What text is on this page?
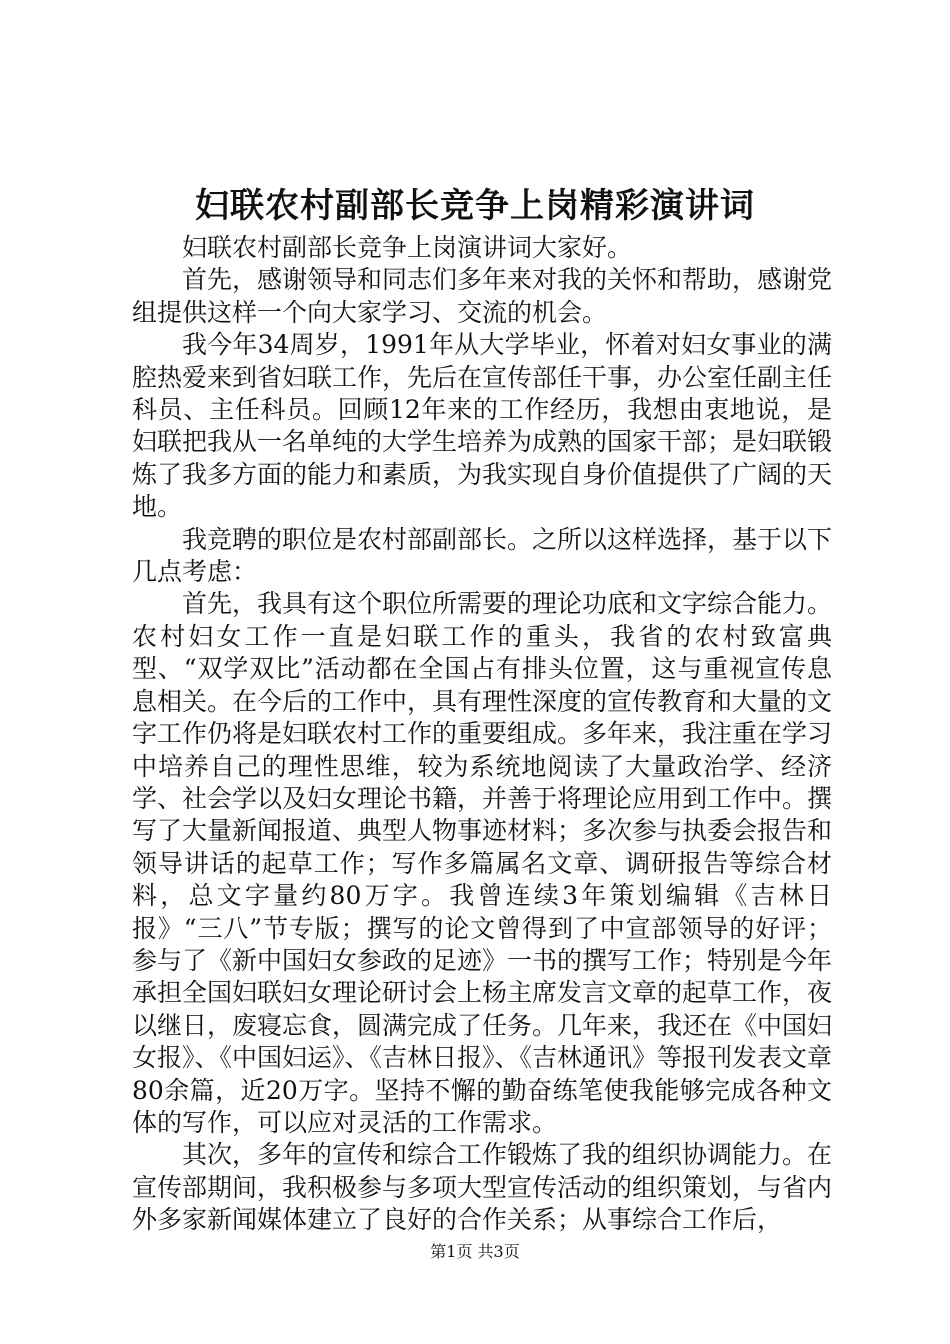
妇联农村副部长竞争上岗精彩演讲词

妇联农村副部长竞争上岗演讲词大家好。

首先，感谢领导和同志们多年来对我的关怀和帮助，感谢党组提供这样一个向大家学习、交流的机会。

我今年34周岁，1991年从大学毕业，怀着对妇女事业的满腔热爱来到省妇联工作，先后在宣传部任干事，办公室任副主任科员、主任科员。回顾12年来的工作经历，我想由衷地说，是妇联把我从一名单纯的大学生培养为成熟的国家干部；是妇联锻炼了我多方面的能力和素质，为我实现自身价值提供了广阔的天地。

我竞聘的职位是农村部副部长。之所以这样选择，基于以下几点考虑：

首先，我具有这个职位所需要的理论功底和文字综合能力。农村妇女工作一直是妇联工作的重头，我省的农村致富典型、“双学双比”活动都在全国占有排头位置，这与重视宣传息息相关。在今后的工作中，具有理性深度的宣传教育和大量的文字工作仍将是妇联农村工作的重要组成。多年来，我注重在学习中培养自己的理性思维，较为系统地阅读了大量政治学、经济学、社会学以及妇女理论书籍，并善于将理论应用到工作中。撰写了大量新闻报道、典型人物事迹材料；多次参与执委会报告和领导讲话的起草工作；写作多篇属名文章、调研报告等综合材料，总文字量约80万字。我曾连续3年策划编辑《吉林日报》“三八”节专版；撰写的论文曾得到了中宣部领导的好评；参与了《新中国妇女参政的足迹》一书的撰写工作；特别是今年承担全国妇联妇女理论研讨会上杨主席发言文章的起草工作，夜以继日，废寝忘食，圆满完成了任务。几年来，我还在《中国妇女报》、《中国妇运》、《吉林日报》、《吉林通讯》等报刊发表文章80余篇，近20万字。坚持不懈的勤奋练笔使我能够完成各种文体的写作，可以应对灵活的工作需求。

其次，多年的宣传和综合工作锻炼了我的组织协调能力。在宣传部期间，我积极参与多项大型宣传活动的组织策划，与省内外多家新闻媒体建立了良好的合作关系；从事综合工作后，

第1页 共3页
